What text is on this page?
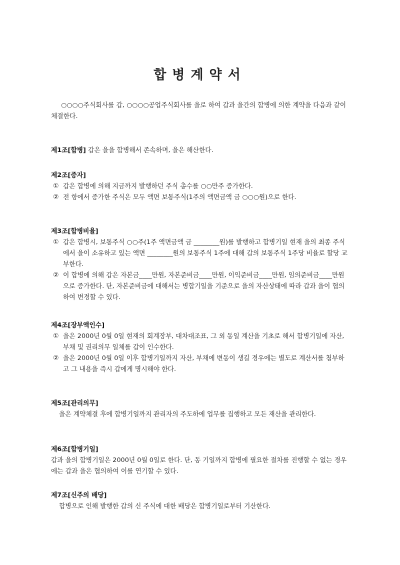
합병계약서
○○○○주식회사를 갑, ○○○○공업주식회사를 을로 하여 갑과 을간의 합병에 의한 계약을 다음과 같이 체결한다.
제1조[합병] 갑은 을을 합병해서 존속하며, 을은 해산한다.
제2조[증자]
① 갑은 합병에 의해 지금까지 발행하던 주식 총수를 ○○만주 증가한다.
② 전 항에서 증가한 주식은 모두 액면 보통주식(1주의 액면금액 금 ○○○원)으로 한다.
제3조[합병비율]
① 갑은 합병시, 보통주식 ○○주(1주 액면금액 금 ________원)를 발행하고 합병기일 현재 을의 최종 주식에서 을이 소유하고 있는 액면 ________원의 보통주식 1주에 대해 갑의 보통주식 1주당 비율로 할당 교부한다.
② 이 합병에 의해 갑은 자본금____만원, 자본준비금____만원, 이익준비금____만원, 임의준비금____만원으로 증가한다. 단, 자본준비금에 대해서는 병합기일을 기준으로 을의 자산상태에 따라 갑과 을이 협의하여 변경할 수 있다.
제4조[장부액인수]
① 을은 2000년 0월 0일 현재의 회계장부, 대차대조표, 그 외 동일 계산을 기초로 해서 합병기일에 자산, 부채 및 권리의무 일체를 갑이 인수한다.
② 을은 2000년 0월 0일 이후 합병기일까지 자산, 부채에 변동이 생길 경우에는 별도로 계산서를 첨부하고 그 내용을 즉시 갑에게 명시해야 한다.
제5조[관리의무]
을은 계약체결 후에 합병기일까지 관리자의 주도하에 업무를 집행하고 모든 재산을 관리한다.
제6조[합병기일]
갑과 을의 합병기일은 2000년 0월 0일로 한다. 단, 동 기일까지 합병에 필요한 절차를 진행할 수 없는 경우에는 갑과 을은 협의하여 이를 연기할 수 있다.
제7조[신주의 배당]
합병으로 인해 발행한 갑의 신 주식에 대한 배당은 합병기일로부터 기산한다.
